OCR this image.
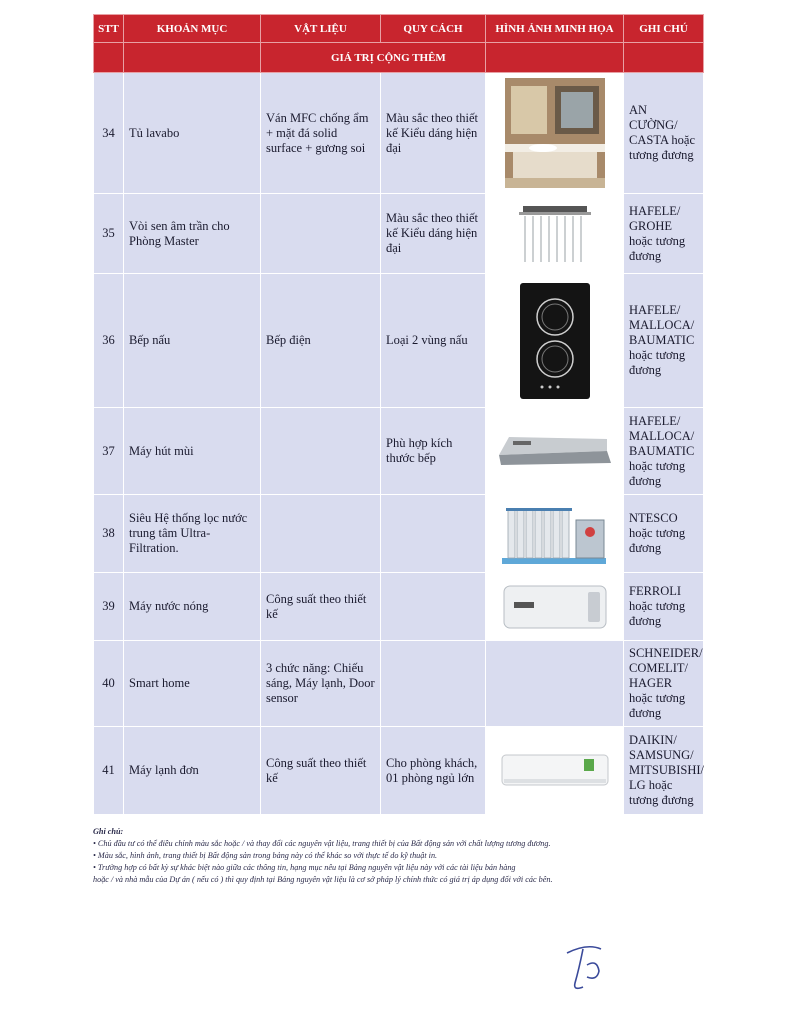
STT	KHOẢN MỤC	VẬT LIỆU	QUY CÁCH	HÌNH ẢNH MINH HỌA	GHI CHÚ
		GIÁ TRỊ CỘNG THÊM			
34	Tủ lavabo	Ván MFC chống ẩm + mặt đá solid surface + gương soi	Màu sắc theo thiết kế Kiểu dáng hiện đại		AN CƯỜNG/ CASTA hoặc tương đương
35	Vòi sen âm trần cho Phòng Master		Màu sắc theo thiết kế Kiểu dáng hiện đại		HAFELE/ GROHE hoặc tương đương
36	Bếp nấu	Bếp điện	Loại 2 vùng nấu		HAFELE/ MALLOCA/ BAUMATIC hoặc tương đương
37	Máy hút mùi		Phù hợp kích thước bếp		HAFELE/ MALLOCA/ BAUMATIC hoặc tương đương
38	Siêu Hệ thống lọc nước trung tâm Ultra-Filtration.				NTESCO hoặc tương đương
39	Máy nước nóng	Công suất theo thiết kế			FERROLI hoặc tương đương
40	Smart home	3 chức năng: Chiếu sáng, Máy lạnh, Door sensor			SCHNEIDER/ COMELIT/ HAGER hoặc tương đương
41	Máy lạnh đơn	Công suất theo thiết kế	Cho phòng khách, 01 phòng ngủ lớn		DAIKIN/ SAMSUNG/ MITSUBISHI/ LG hoặc tương đương
Ghi chú:
• Chủ đầu tư có thể điều chỉnh màu sắc hoặc / và thay đổi các nguyên vật liệu, trang thiết bị của Bất động sản với chất lượng tương đương.
• Màu sắc, hình ảnh, trang thiết bị Bất động sản trong bảng này có thể khác so với thực tế do kỹ thuật in.
• Trường hợp có bất kỳ sự khác biệt nào giữa các thông tin, hạng mục nêu tại Bảng nguyên vật liệu này với các tài liệu bán hàng
hoặc / và nhà mẫu của Dự án ( nếu có ) thì quy định tại Bảng nguyên vật liệu là cơ sở pháp lý chính thức có giá trị áp dụng đối với các bên.
